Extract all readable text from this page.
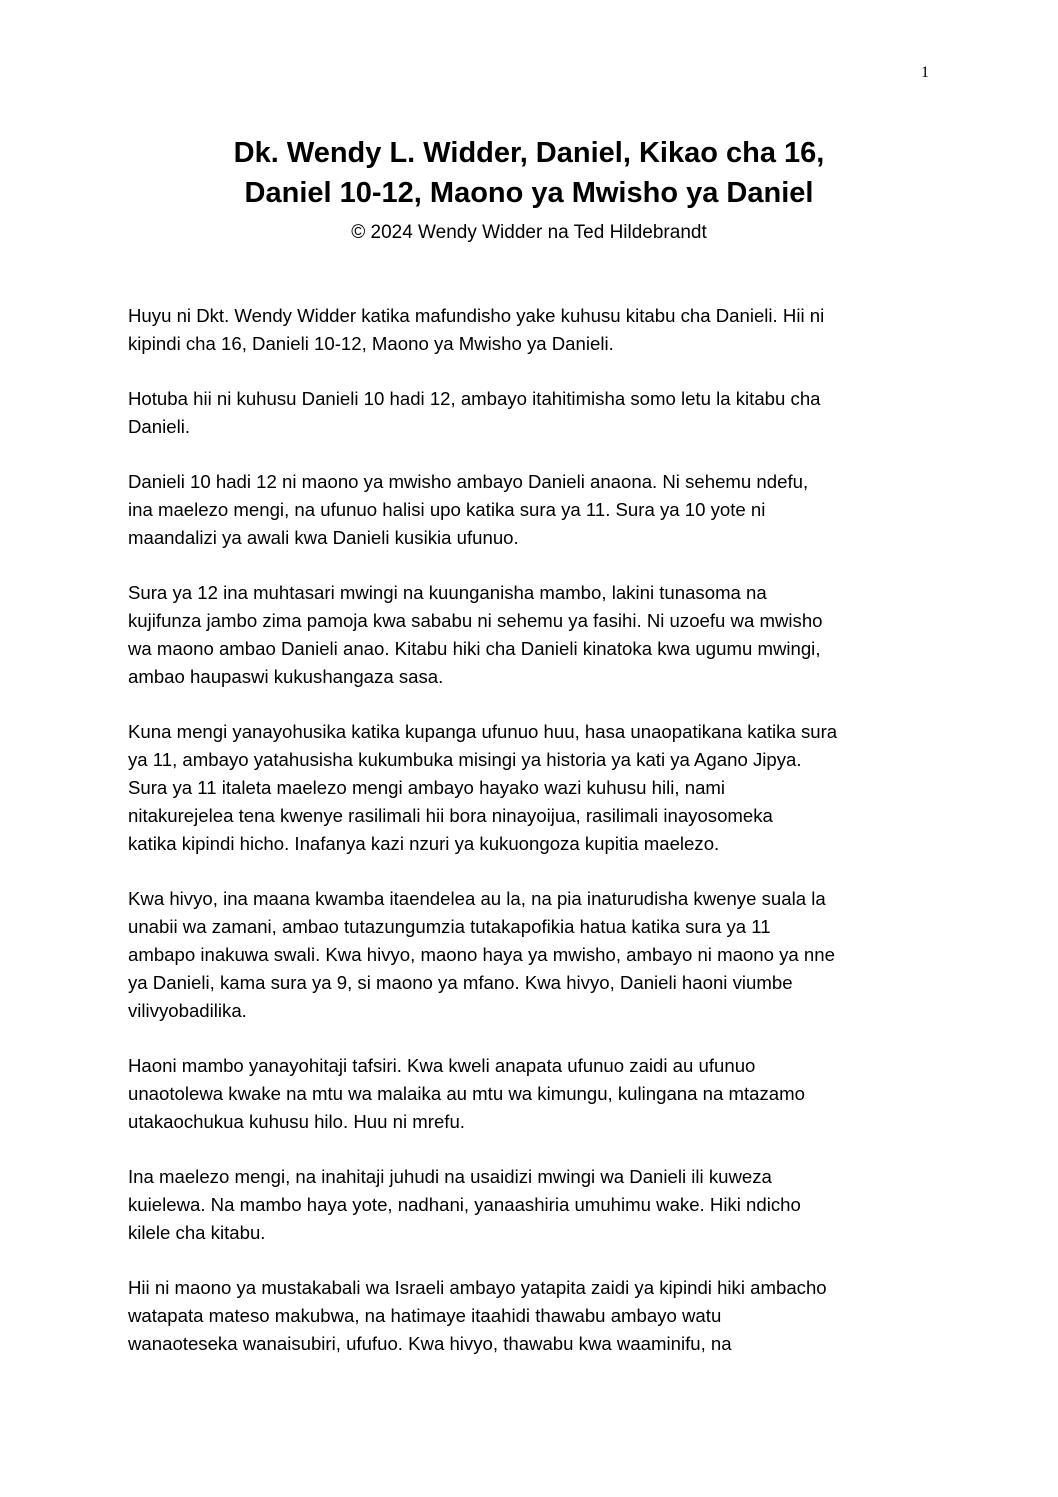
1
Dk. Wendy L. Widder, Daniel, Kikao cha 16,
Daniel 10-12, Maono ya Mwisho ya Daniel
© 2024 Wendy Widder na Ted Hildebrandt
Huyu ni Dkt. Wendy Widder katika mafundisho yake kuhusu kitabu cha Danieli. Hii ni
kipindi cha 16, Danieli 10-12, Maono ya Mwisho ya Danieli.
Hotuba hii ni kuhusu Danieli 10 hadi 12, ambayo itahitimisha somo letu la kitabu cha
Danieli.
Danieli 10 hadi 12 ni maono ya mwisho ambayo Danieli anaona. Ni sehemu ndefu,
ina maelezo mengi, na ufunuo halisi upo katika sura ya 11. Sura ya 10 yote ni
maandalizi ya awali kwa Danieli kusikia ufunuo.
Sura ya 12 ina muhtasari mwingi na kuunganisha mambo, lakini tunasoma na
kujifunza jambo zima pamoja kwa sababu ni sehemu ya fasihi. Ni uzoefu wa mwisho
wa maono ambao Danieli anao. Kitabu hiki cha Danieli kinatoka kwa ugumu mwingi,
ambao haupaswi kukushangaza sasa.
Kuna mengi yanayohusika katika kupanga ufunuo huu, hasa unaopatikana katika sura
ya 11, ambayo yatahusisha kukumbuka misingi ya historia ya kati ya Agano Jipya.
Sura ya 11 italeta maelezo mengi ambayo hayako wazi kuhusu hili, nami
nitakurejelea tena kwenye rasilimali hii bora ninayoijua, rasilimali inayosomeka
katika kipindi hicho. Inafanya kazi nzuri ya kukuongoza kupitia maelezo.
Kwa hivyo, ina maana kwamba itaendelea au la, na pia inaturudisha kwenye suala la
unabii wa zamani, ambao tutazungumzia tutakapofikia hatua katika sura ya 11
ambapo inakuwa swali. Kwa hivyo, maono haya ya mwisho, ambayo ni maono ya nne
ya Danieli, kama sura ya 9, si maono ya mfano. Kwa hivyo, Danieli haoni viumbe
vilivyobadilika.
Haoni mambo yanayohitaji tafsiri. Kwa kweli anapata ufunuo zaidi au ufunuo
unaotolewa kwake na mtu wa malaika au mtu wa kimungu, kulingana na mtazamo
utakaochukua kuhusu hilo. Huu ni mrefu.
Ina maelezo mengi, na inahitaji juhudi na usaidizi mwingi wa Danieli ili kuweza
kuielewa. Na mambo haya yote, nadhani, yanaashiria umuhimu wake. Hiki ndicho
kilele cha kitabu.
Hii ni maono ya mustakabali wa Israeli ambayo yatapita zaidi ya kipindi hiki ambacho
watapata mateso makubwa, na hatimaye itaahidi thawabu ambayo watu
wanaoteseka wanaisubiri, ufufuo. Kwa hivyo, thawabu kwa waaminifu, na
